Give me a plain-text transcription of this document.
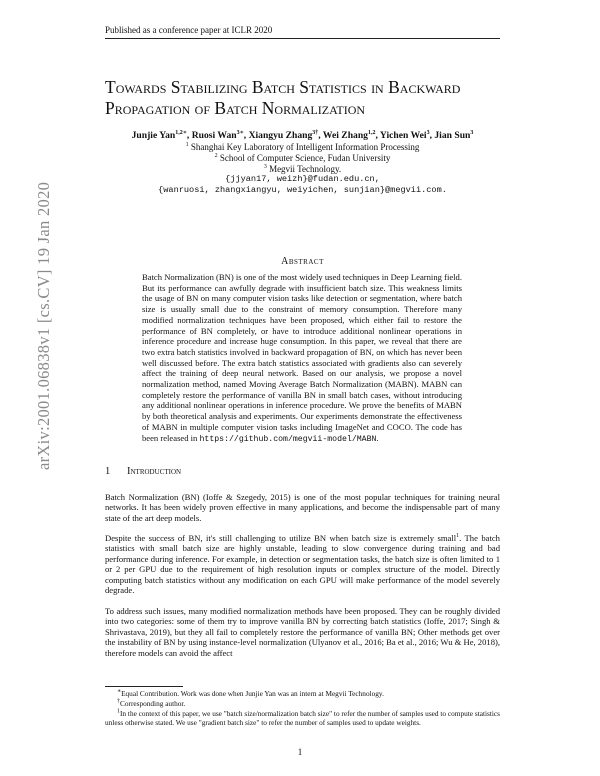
Published as a conference paper at ICLR 2020
arXiv:2001.06838v1 [cs.CV] 19 Jan 2020
Towards Stabilizing Batch Statistics in Backward Propagation of Batch Normalization
Junjie Yan$^{1,2∗}$, Ruosi Wan$^{3∗}$, Xiangyu Zhang$^{3\dagger}$, Wei Zhang$^{1,2}$, Yichen Wei$^3$, Jian Sun$^3$
$^1$ Shanghai Key Laboratory of Intelligent Information Processing
$^2$ School of Computer Science, Fudan University
$^3$ Megvii Technology.
{jjyan17, weizh}@fudan.edu.cn,
{wanruosi, zhangxiangyu, weiyichen, sunjian}@megvii.com.
Abstract
Batch Normalization (BN) is one of the most widely used techniques in Deep Learning field. But its performance can awfully degrade with insufficient batch size. This weakness limits the usage of BN on many computer vision tasks like detection or segmentation, where batch size is usually small due to the constraint of memory consumption. Therefore many modified normalization techniques have been proposed, which either fail to restore the performance of BN completely, or have to introduce additional nonlinear operations in inference procedure and increase huge consumption. In this paper, we reveal that there are two extra batch statistics involved in backward propagation of BN, on which has never been well discussed before. The extra batch statistics associated with gradients also can severely affect the training of deep neural network. Based on our analysis, we propose a novel normalization method, named Moving Average Batch Normalization (MABN). MABN can completely restore the performance of vanilla BN in small batch cases, without introducing any additional nonlinear operations in inference procedure. We prove the benefits of MABN by both theoretical analysis and experiments. Our experiments demonstrate the effectiveness of MABN in multiple computer vision tasks including ImageNet and COCO. The code has been released in https://github.com/megvii-model/MABN.
1 Introduction
Batch Normalization (BN) (Ioffe & Szegedy, 2015) is one of the most popular techniques for training neural networks. It has been widely proven effective in many applications, and become the indispensable part of many state of the art deep models.
Despite the success of BN, it's still challenging to utilize BN when batch size is extremely small$^1$. The batch statistics with small batch size are highly unstable, leading to slow convergence during training and bad performance during inference. For example, in detection or segmentation tasks, the batch size is often limited to 1 or 2 per GPU due to the requirement of high resolution inputs or complex structure of the model. Directly computing batch statistics without any modification on each GPU will make performance of the model severely degrade.
To address such issues, many modified normalization methods have been proposed. They can be roughly divided into two categories: some of them try to improve vanilla BN by correcting batch statistics (Ioffe, 2017; Singh & Shrivastava, 2019), but they all fail to completely restore the performance of vanilla BN; Other methods get over the instability of BN by using instance-level normalization (Ulyanov et al., 2016; Ba et al., 2016; Wu & He, 2018), therefore models can avoid the affect
∗Equal Contribution. Work was done when Junjie Yan was an intern at Megvii Technology.
†Corresponding author.
$^1$In the context of this paper, we use "batch size/normalization batch size" to refer the number of samples used to compute statistics unless otherwise stated. We use "gradient batch size" to refer the number of samples used to update weights.
1
